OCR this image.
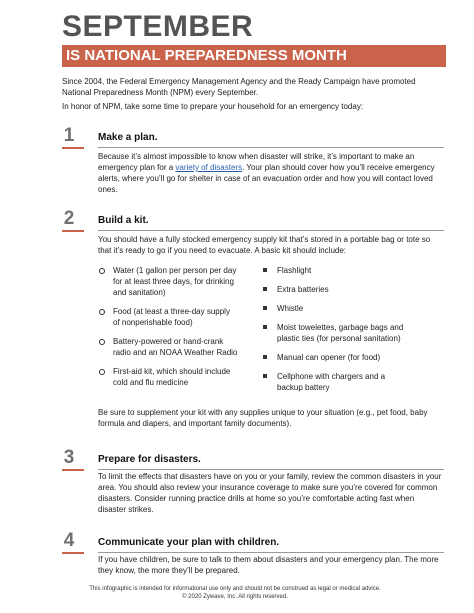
SEPTEMBER
IS NATIONAL PREPAREDNESS MONTH

Since 2004, the Federal Emergency Management Agency and the Ready Campaign have promoted National Preparedness Month (NPM) every September.

In honor of NPM, take some time to prepare your household for an emergency today:

1 Make a plan.

Because it’s almost impossible to know when disaster will strike, it’s important to make an emergency plan for a variety of disasters. Your plan should cover how you’ll receive emergency alerts, where you’ll go for shelter in case of an evacuation order and how you will contact loved ones.

2 Build a kit.

You should have a fully stocked emergency supply kit that’s stored in a portable bag or tote so that it’s ready to go if you need to evacuate. A basic kit should include:

Water (1 gallon per person per day for at least three days, for drinking and sanitation)
Food (at least a three-day supply of nonperishable food)
Battery-powered or hand-crank radio and an NOAA Weather Radio
First-aid kit, which should include cold and flu medicine
Flashlight
Extra batteries
Whistle
Moist towelettes, garbage bags and plastic ties (for personal sanitation)
Manual can opener (for food)
Cellphone with chargers and a backup battery

Be sure to supplement your kit with any supplies unique to your situation (e.g., pet food, baby formula and diapers, and important family documents).

3 Prepare for disasters.

To limit the effects that disasters have on you or your family, review the common disasters in your area. You should also review your insurance coverage to make sure you’re covered for common disasters. Consider running practice drills at home so you’re comfortable acting fast when disaster strikes.

4 Communicate your plan with children.

If you have children, be sure to talk to them about disasters and your emergency plan. The more they know, the more they’ll be prepared.

This infographic is intended for informational use only and should not be construed as legal or medical advice.
© 2020 Zywave, Inc. All rights reserved.
